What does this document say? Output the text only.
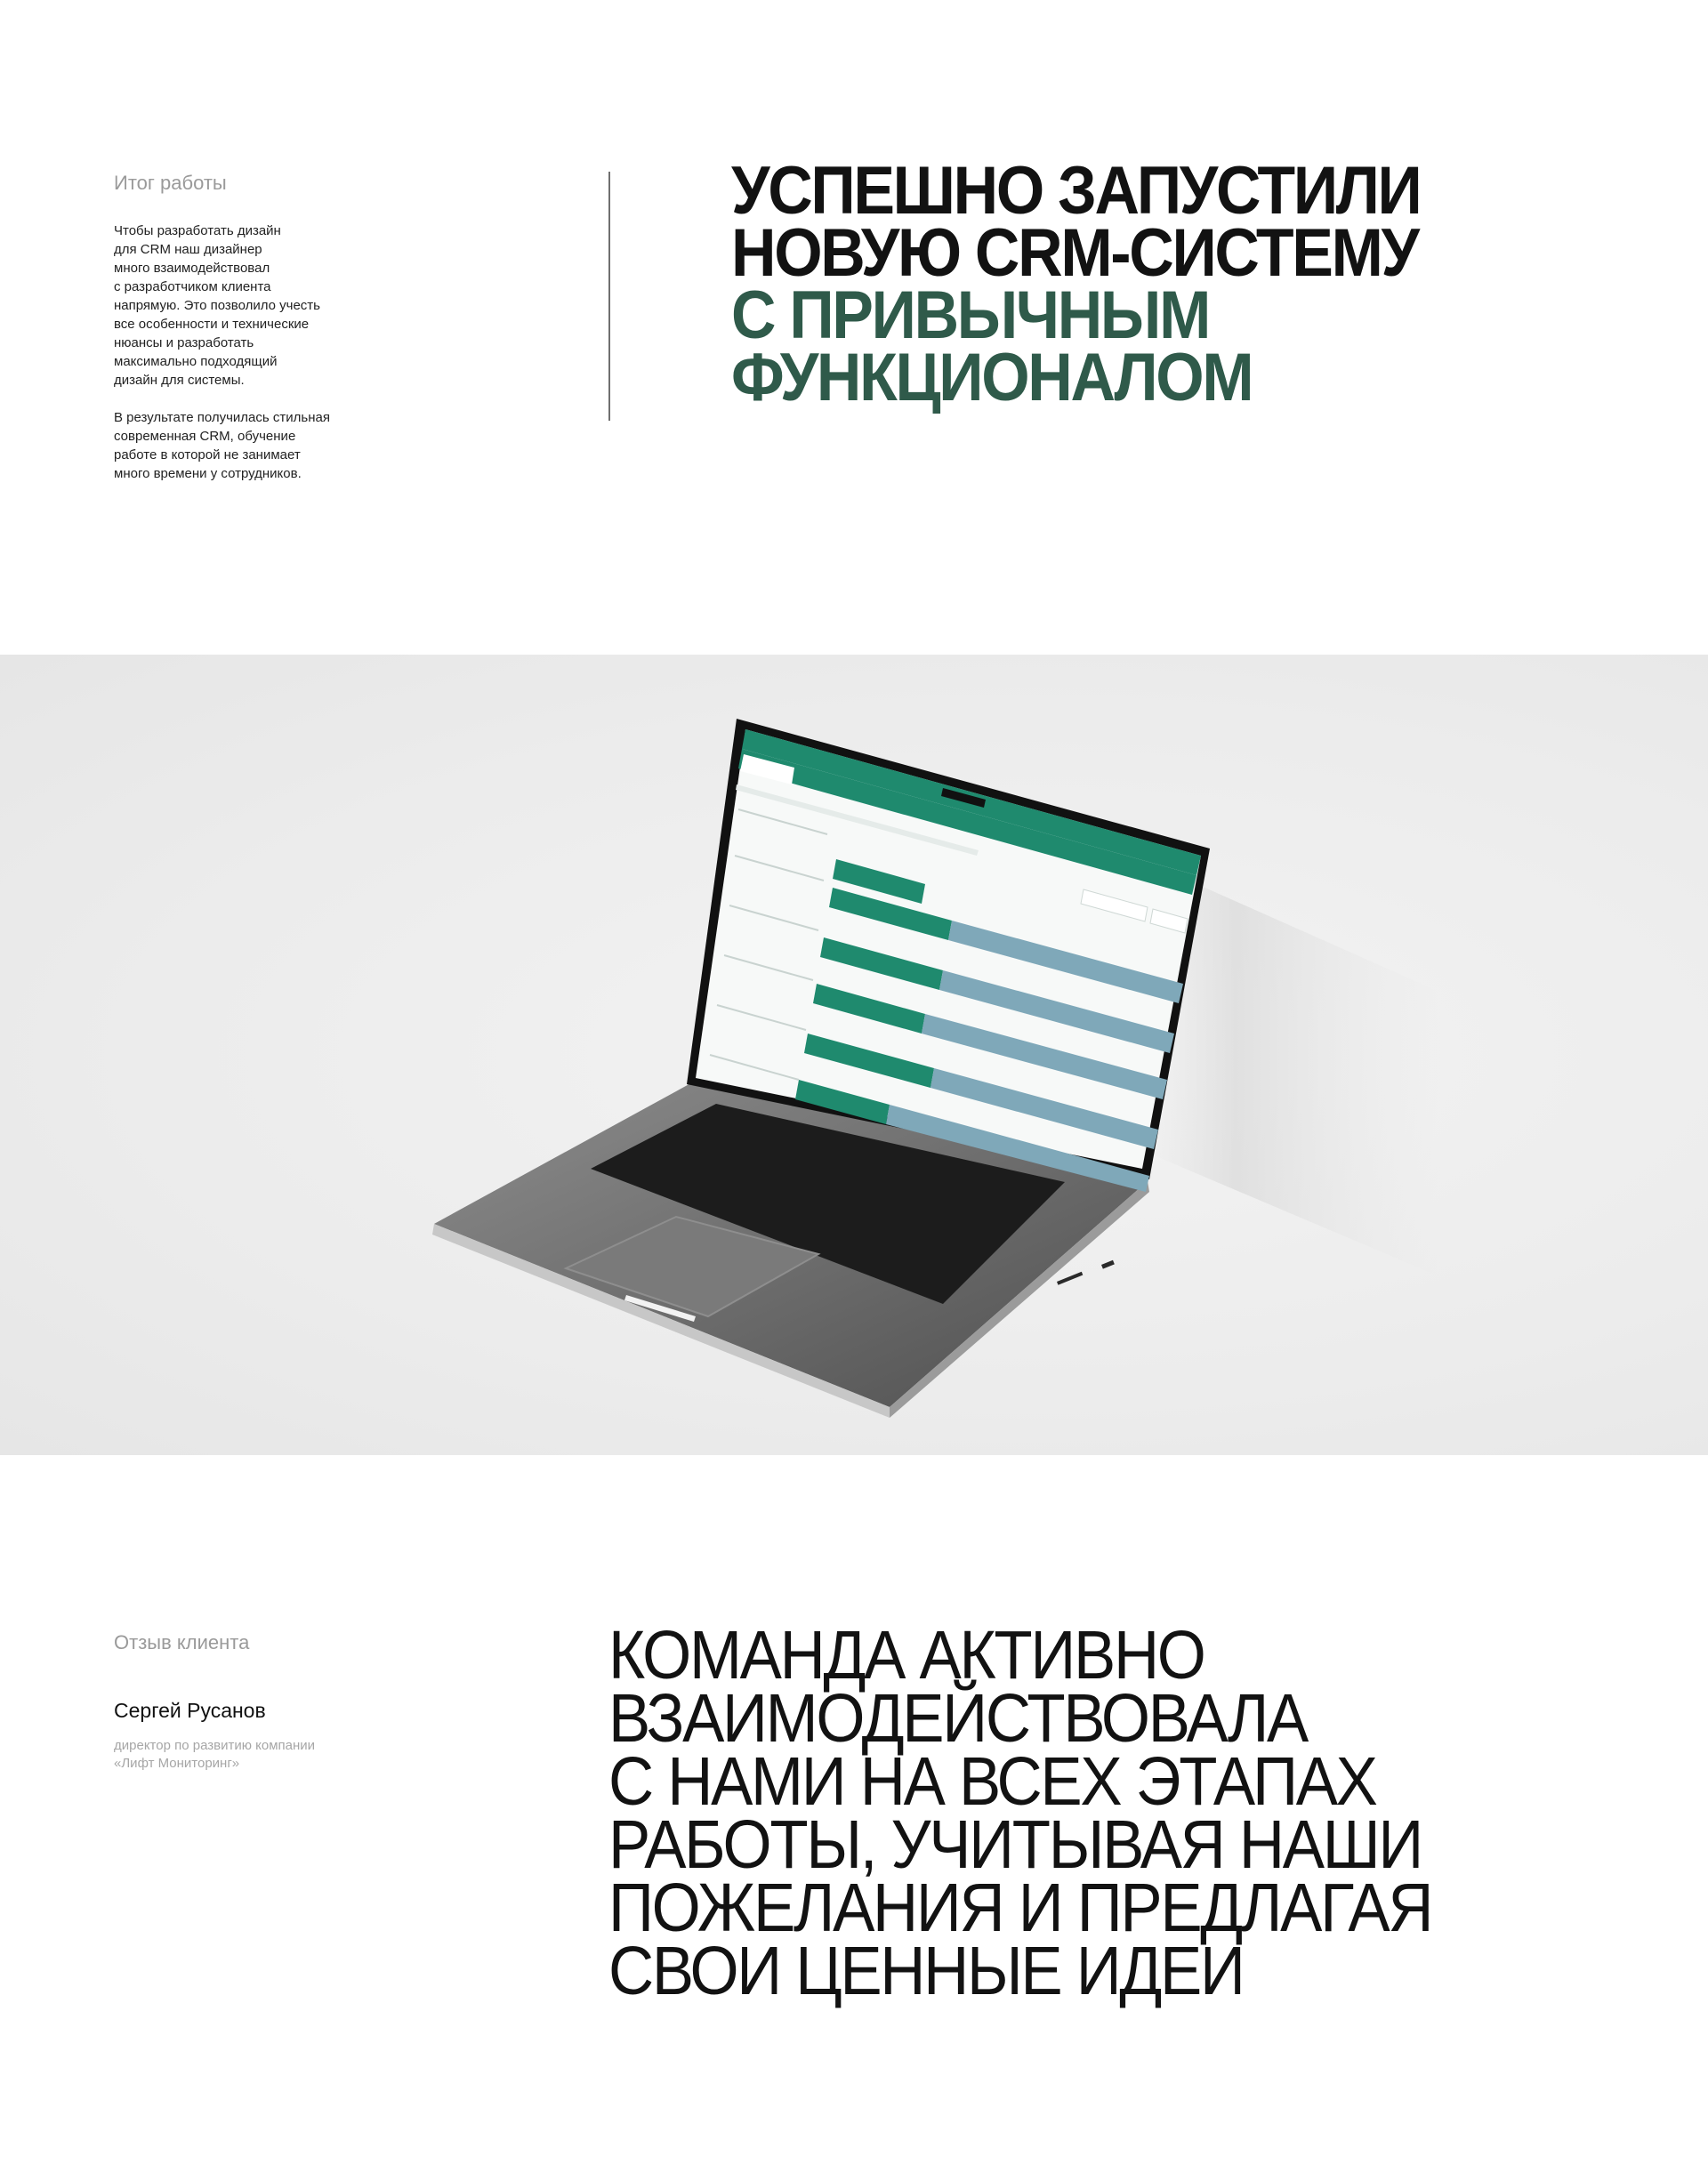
Итог работы

Чтобы разработать дизайн
для CRM наш дизайнер
много взаимодействовал
с разработчиком клиента
напрямую. Это позволило учесть
все особенности и технические
нюансы и разработать
максимально подходящий
дизайн для системы.

В результате получилась стильная
современная CRM, обучение
работе в которой не занимает
много времени у сотрудников.

УСПЕШНО ЗАПУСТИЛИ
НОВУЮ CRM-СИСТЕМУ
С ПРИВЫЧНЫМ
ФУНКЦИОНАЛОМ
Отзыв клиента
Сергей Русанов
директор по развитию компании
«Лифт Мониторинг»
КОМАНДА АКТИВНО
ВЗАИМОДЕЙСТВОВАЛА
С НАМИ НА ВСЕХ ЭТАПАХ
РАБОТЫ, УЧИТЫВАЯ НАШИ
ПОЖЕЛАНИЯ И ПРЕДЛАГАЯ
СВОИ ЦЕННЫЕ ИДЕИ
